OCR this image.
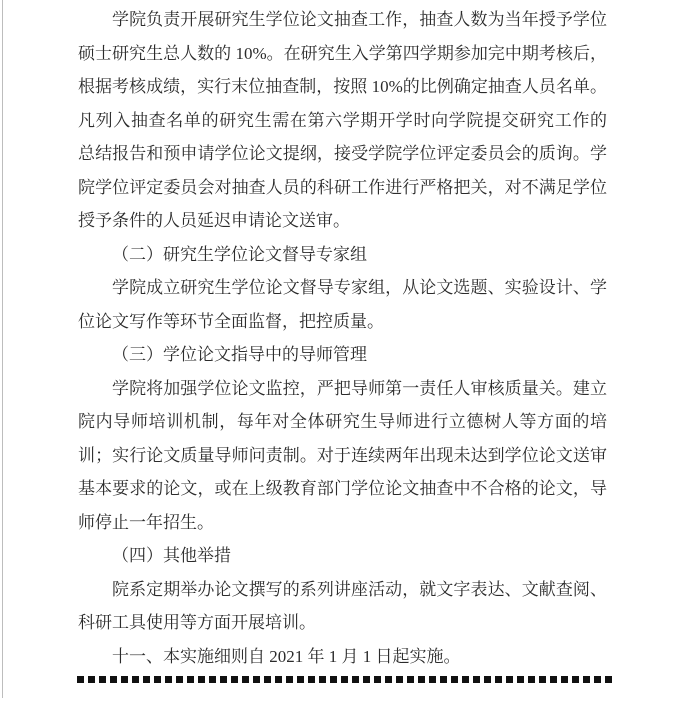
学院负责开展研究生学位论文抽查工作，抽查人数为当年授予学位
硕士研究生总人数的 10%。在研究生入学第四学期参加完中期考核后，
根据考核成绩，实行末位抽查制，按照 10%的比例确定抽查人员名单。
凡列入抽查名单的研究生需在第六学期开学时向学院提交研究工作的
总结报告和预申请学位论文提纲，接受学院学位评定委员会的质询。学
院学位评定委员会对抽查人员的科研工作进行严格把关，对不满足学位
授予条件的人员延迟申请论文送审。
（二）研究生学位论文督导专家组
学院成立研究生学位论文督导专家组，从论文选题、实验设计、学
位论文写作等环节全面监督，把控质量。
（三）学位论文指导中的导师管理
学院将加强学位论文监控，严把导师第一责任人审核质量关。建立
院内导师培训机制，每年对全体研究生导师进行立德树人等方面的培
训；实行论文质量导师问责制。对于连续两年出现未达到学位论文送审
基本要求的论文，或在上级教育部门学位论文抽查中不合格的论文，导
师停止一年招生。
（四）其他举措
院系定期举办论文撰写的系列讲座活动，就文字表达、文献查阅、
科研工具使用等方面开展培训。
十一、本实施细则自 2021 年 1 月 1 日起实施。
